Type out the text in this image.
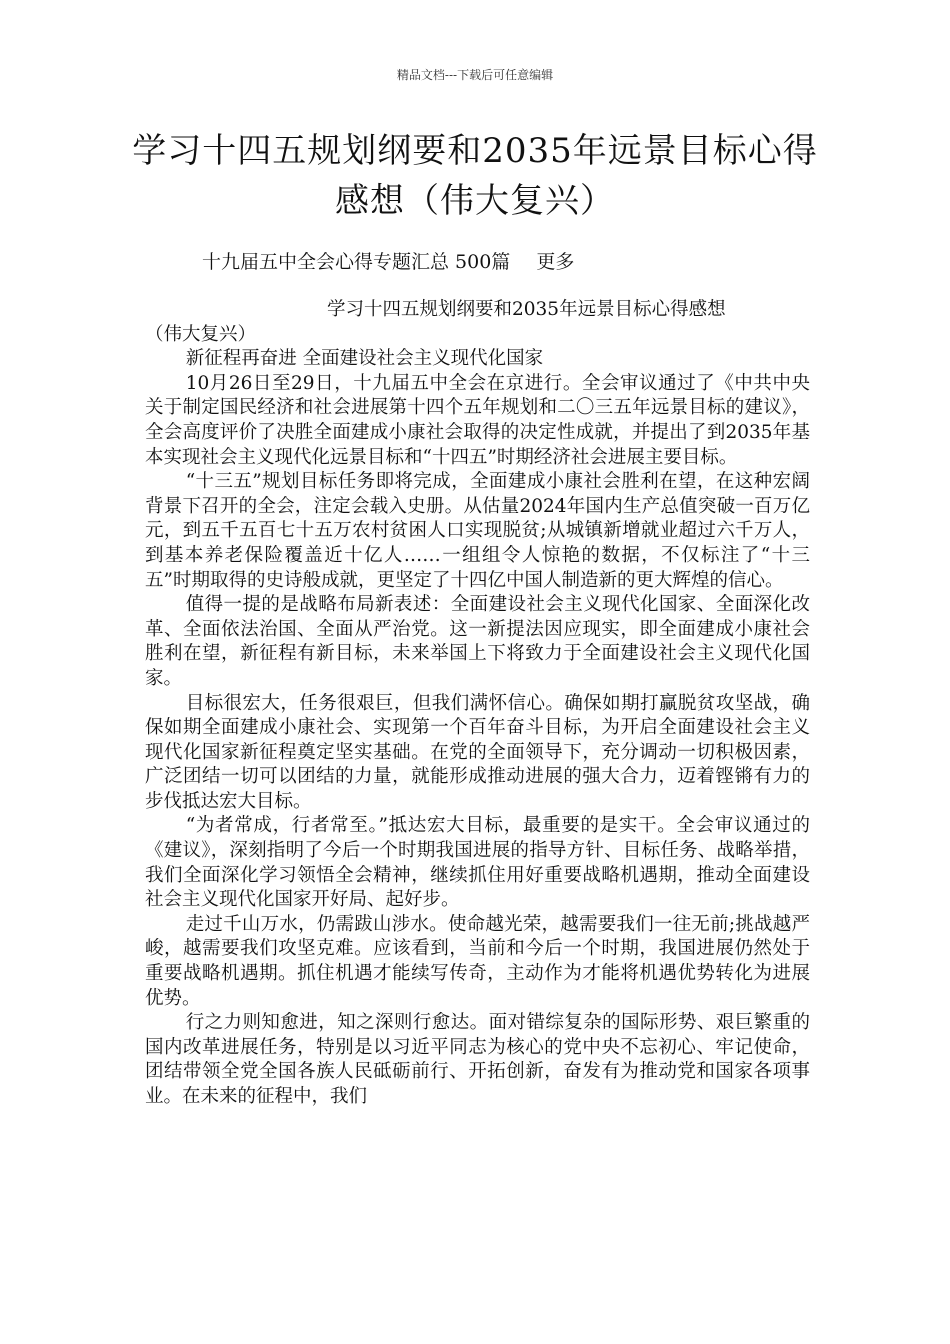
精品文档---下载后可任意编辑
学习十四五规划纲要和2035年远景目标心得感想（伟大复兴）
十九届五中全会心得专题汇总 500篇 更多

学习十四五规划纲要和2035年远景目标心得感想
（伟大复兴）

新征程再奋进 全面建设社会主义现代化国家

10月26日至29日，十九届五中全会在京进行。全会审议通过了《中共中央关于制定国民经济和社会进展第十四个五年规划和二〇三五年远景目标的建议》，全会高度评价了决胜全面建成小康社会取得的决定性成就，并提出了到2035年基本实现社会主义现代化远景目标和“十四五”时期经济社会进展主要目标。

“十三五”规划目标任务即将完成，全面建成小康社会胜利在望，在这种宏阔背景下召开的全会，注定会载入史册。从估量2024年国内生产总值突破一百万亿元，到五千五百七十五万农村贫困人口实现脱贫;从城镇新增就业超过六千万人，到基本养老保险覆盖近十亿人……一组组令人惊艳的数据，不仅标注了“十三五”时期取得的史诗般成就，更坚定了十四亿中国人制造新的更大辉煌的信心。

值得一提的是战略布局新表述：全面建设社会主义现代化国家、全面深化改革、全面依法治国、全面从严治党。这一新提法因应现实，即全面建成小康社会胜利在望，新征程有新目标，未来举国上下将致力于全面建设社会主义现代化国家。

目标很宏大，任务很艰巨，但我们满怀信心。确保如期打赢脱贫攻坚战，确保如期全面建成小康社会、实现第一个百年奋斗目标，为开启全面建设社会主义现代化国家新征程奠定坚实基础。在党的全面领导下，充分调动一切积极因素，广泛团结一切可以团结的力量，就能形成推动进展的强大合力，迈着铿锵有力的步伐抵达宏大目标。

“为者常成，行者常至。”抵达宏大目标，最重要的是实干。全会审议通过的《建议》，深刻指明了今后一个时期我国进展的指导方针、目标任务、战略举措，我们全面深化学习领悟全会精神，继续抓住用好重要战略机遇期，推动全面建设社会主义现代化国家开好局、起好步。

走过千山万水，仍需跋山涉水。使命越光荣，越需要我们一往无前;挑战越严峻，越需要我们攻坚克难。应该看到，当前和今后一个时期，我国进展仍然处于重要战略机遇期。抓住机遇才能续写传奇，主动作为才能将机遇优势转化为进展优势。

行之力则知愈进，知之深则行愈达。面对错综复杂的国际形势、艰巨繁重的国内改革进展任务，特别是以习近平同志为核心的党中央不忘初心、牢记使命，团结带领全党全国各族人民砥砺前行、开拓创新，奋发有为推动党和国家各项事业。在未来的征程中，我们
